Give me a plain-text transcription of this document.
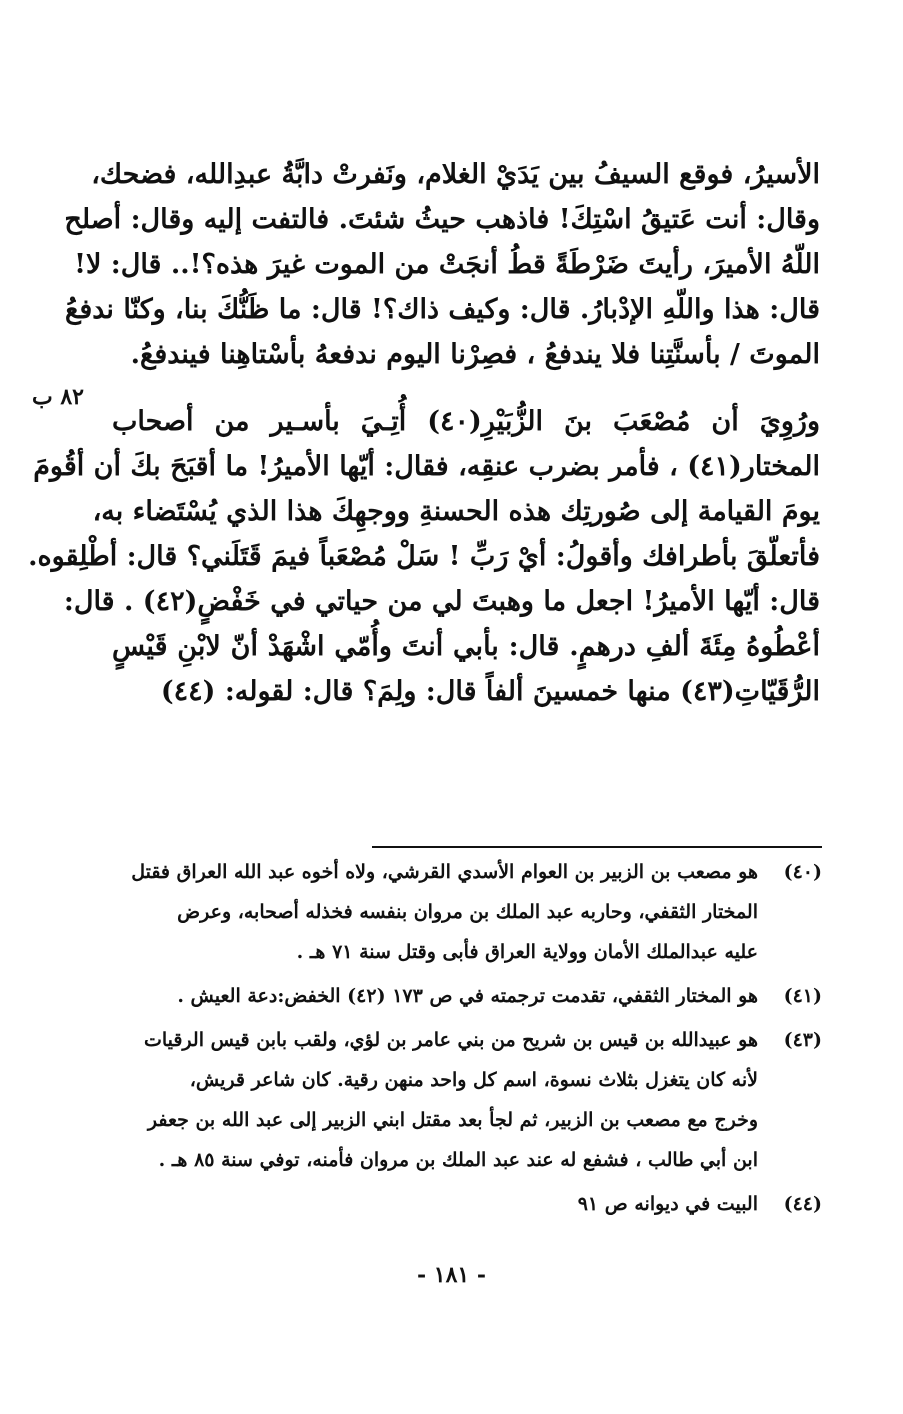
الأسيرُ، فوقع السيفُ بين يَدَيْ الغلام، ونَفرتْ دابَّةُ عبدِالله، فضحك،
وقال: أنت عَتيقُ اسْتِكَ! فاذهب حيثُ شئتَ. فالتفت إليه وقال: أصلح
اللّهُ الأميرَ، رأيتَ ضَرْطَةً قطُ أنجَتْ من الموت غيرَ هذه؟!.. قال: لا!
قال: هذا واللّهِ الإدْبارُ. قال: وكيف ذاك؟! قال: ما ظَنُّكَ بنا، وكنّا ندفعُ
الموتَ / بأسنَّتِنا فلا يندفعُ ، فصِرْنا اليوم ندفعهُ بأسْتاهِنا فيندفعُ.

ورُوِيَ أن مُصْعَبَ بنَ الزُّبَيْرِ(٤٠) أُتِـيَ بأسـير من أصحاب
المختار(٤١) ، فأمر بضرب عنقِه، فقال: أيّها الأميرُ! ما أقبَحَ بكَ أن أقُومَ
يومَ القيامة إلى صُورتِك هذه الحسنةِ ووجهِكَ هذا الذي يُسْتَضاء به،
فأتعلّقَ بأطرافك وأقولُ: أيْ رَبِّ ! سَلْ مُصْعَباً فيمَ قَتَلَني؟ قال: أطْلِقوه.
قال: أيّها الأميرُ! اجعل ما وهبتَ لي من حياتي في خَفْضٍ(٤٢) . قال:
أعْطُوهُ مِئَةَ ألفِ درهمٍ. قال: بأبي أنتَ وأُمّي اشْهَدْ أنّ لابْنِ قَيْسٍ
الرُّقَيّاتِ(٤٣) منها خمسينَ ألفاً قال: ولِمَ؟ قال: لقوله: (٤٤)

٨٢ ب
(٤٠)
هو مصعب بن الزبير بن العوام الأسدي القرشي، ولاه أخوه عبد الله العراق فقتل
المختار الثقفي، وحاربه عبد الملك بن مروان بنفسه فخذله أصحابه، وعرض
عليه عبدالملك الأمان وولاية العراق فأبى وقتل سنة ٧١ هـ .
(٤١)
هو المختار الثقفي، تقدمت ترجمته في ص ١٧٣ (٤٢) الخفض:دعة العيش .
(٤٣)
هو عبيدالله بن قيس بن شريح من بني عامر بن لؤي، ولقب بابن قيس الرقيات
لأنه كان يتغزل بثلاث نسوة، اسم كل واحد منهن رقية. كان شاعر قريش،
وخرج مع مصعب بن الزبير، ثم لجأ بعد مقتل ابني الزبير إلى عبد الله بن جعفر
ابن أبي طالب ، فشفع له عند عبد الملك بن مروان فأمنه، توفي سنة ٨٥ هـ .
(٤٤)
البيت في ديوانه ص ٩١
- ١٨١ -
